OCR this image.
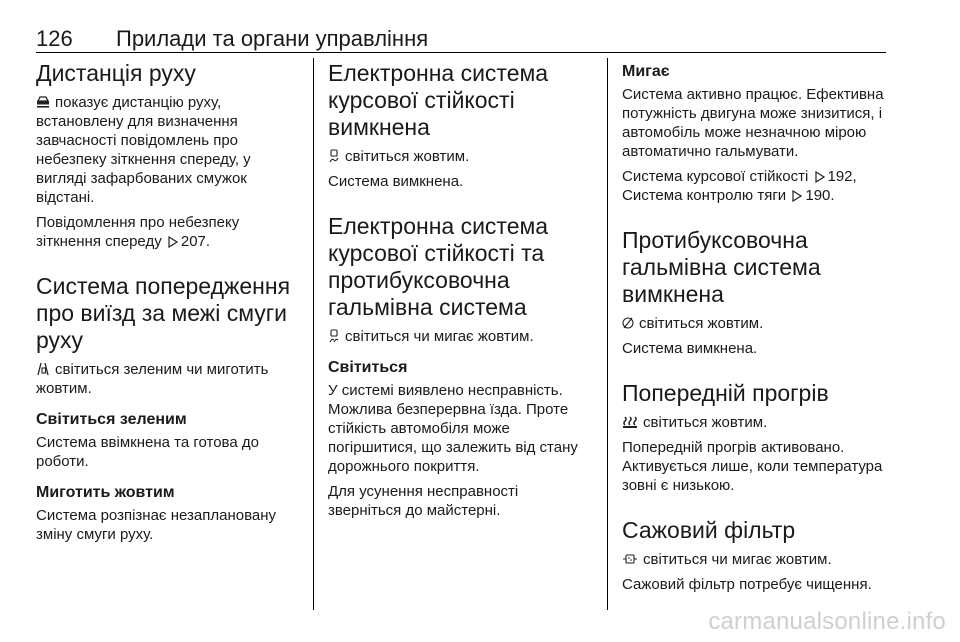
126 Прилади та органи управління
Дистанція руху

показує дистанцію руху, встановлену для визначення завчасності повідомлень про небезпеку зіткнення спереду, у вигляді зафарбованих смужок відстані.

Повідомлення про небезпеку зіткнення спереду 207.

Система попередження про виїзд за межі смуги руху

світиться зеленим чи миготить жовтим.

Світиться зеленим

Система ввімкнена та готова до роботи.

Миготить жовтим

Система розпізнає незаплановану зміну смуги руху.

Електронна система курсової стійкості вимкнена

світиться жовтим.

Система вимкнена.

Електронна система курсової стійкості та протибуксовочна гальмівна система

світиться чи мигає жовтим.

Світиться

У системі виявлено несправність. Можлива безперервна їзда. Проте стійкість автомобіля може погіршитися, що залежить від стану дорожнього покриття.

Для усунення несправності зверніться до майстерні.

Мигає

Система активно працює. Ефективна потужність двигуна може знизитися, і автомобіль може незначною мірою автоматично гальмувати.

Система курсової стійкості 192,
Система контролю тяги 190.

Протибуксовочна гальмівна система вимкнена

світиться жовтим.

Система вимкнена.

Попередній прогрів

світиться жовтим.

Попередній прогрів активовано. Активується лише, коли температура зовні є низькою.

Сажовий фільтр

світиться чи мигає жовтим.

Сажовий фільтр потребує чищення.

carmanualsonline.info
